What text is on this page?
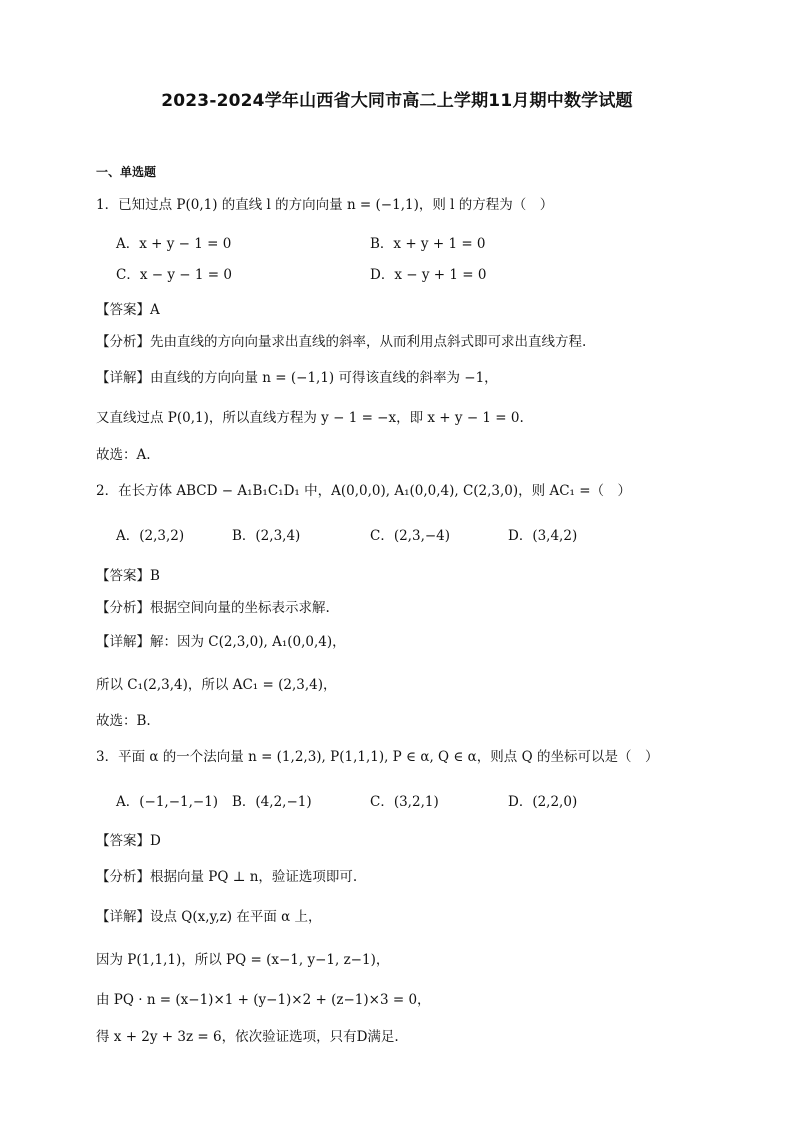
2023-2024学年山西省大同市高二上学期11月期中数学试题
一、单选题
1．已知过点 P(0,1) 的直线 l 的方向向量 n = (−1,1)，则 l 的方程为（　）
A．x + y − 1 = 0	B．x + y + 1 = 0
C．x − y − 1 = 0	D．x − y + 1 = 0
【答案】A
【分析】先由直线的方向向量求出直线的斜率，从而利用点斜式即可求出直线方程.
【详解】由直线的方向向量 n = (−1,1) 可得该直线的斜率为 −1，
又直线过点 P(0,1)，所以直线方程为 y − 1 = −x，即 x + y − 1 = 0.
故选：A.
2．在长方体 ABCD − A₁B₁C₁D₁ 中，A(0,0,0), A₁(0,0,4), C(2,3,0)，则 AC₁ =（　）
A．(2,3,2)	B．(2,3,4)	C．(2,3,−4)	D．(3,4,2)
【答案】B
【分析】根据空间向量的坐标表示求解.
【详解】解：因为 C(2,3,0), A₁(0,0,4)，
所以 C₁(2,3,4)，所以 AC₁ = (2,3,4)，
故选：B.
3．平面 α 的一个法向量 n = (1,2,3), P(1,1,1), P ∈ α, Q ∈ α，则点 Q 的坐标可以是（　）
A．(−1,−1,−1) B．(4,2,−1)	C．(3,2,1)	D．(2,2,0)
【答案】D
【分析】根据向量 PQ ⊥ n，验证选项即可.
【详解】设点 Q(x,y,z) 在平面 α 上，
因为 P(1,1,1)，所以 PQ = (x−1, y−1, z−1)，
由 PQ · n = (x−1)×1 + (y−1)×2 + (z−1)×3 = 0，
得 x + 2y + 3z = 6，依次验证选项，只有D满足.
